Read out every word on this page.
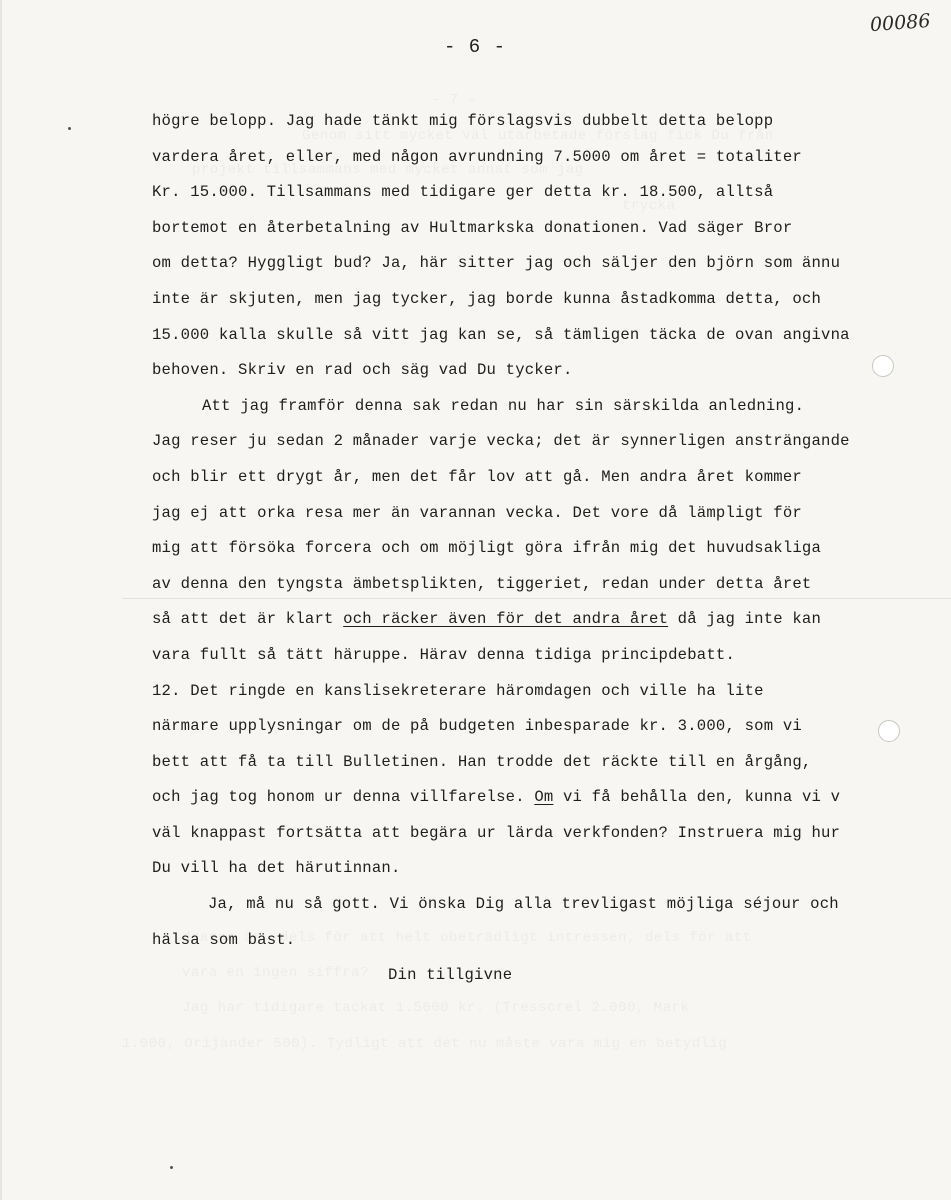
00086
- 6 -
högre belopp. Jag hade tänkt mig förslagsvis dubbelt detta belopp
vardera året, eller, med någon avrundning 7.5000 om året = totaliter
Kr. 15.000. Tillsammans med tidigare ger detta kr. 18.500, alltså
bortemot en återbetalning av Hultmarkska donationen. Vad säger Bror
om detta? Hyggligt bud? Ja, här sitter jag och säljer den björn som ännu
inte är skjuten, men jag tycker, jag borde kunna åstadkomma detta, och
15.000 kalla skulle så vitt jag kan se, så tämligen täcka de ovan angivna
behoven. Skriv en rad och säg vad Du tycker.
Att jag framför denna sak redan nu har sin särskilda anledning.
Jag reser ju sedan 2 månader varje vecka; det är synnerligen ansträngande
och blir ett drygt år, men det får lov att gå. Men andra året kommer
jag ej att orka resa mer än varannan vecka. Det vore då lämpligt för
mig att försöka forcera och om möjligt göra ifrån mig det huvudsakliga
av denna den tyngsta ämbetsplikten, tiggeriet, redan under detta året
så att det är klart och räcker även för det andra året då jag inte kan
vara fullt så tätt häruppe. Härav denna tidiga principdebatt.
12. Det ringde en kanslisekreterare häromdagen och ville ha lite
närmare upplysningar om de på budgeten inbesparade kr. 3.000, som vi
bett att få ta till Bulletinen. Han trodde det räckte till en årgång,
och jag tog honom ur denna villfarelse. Om vi få behålla den, kunna vi v
väl knappast fortsätta att begära ur lärda verkfonden? Instruera mig hur
Du vill ha det härutinnan.
Ja, må nu så gott. Vi önska Dig alla trevligast möjliga séjour och
hälsa som bäst.
Din tillgivne
